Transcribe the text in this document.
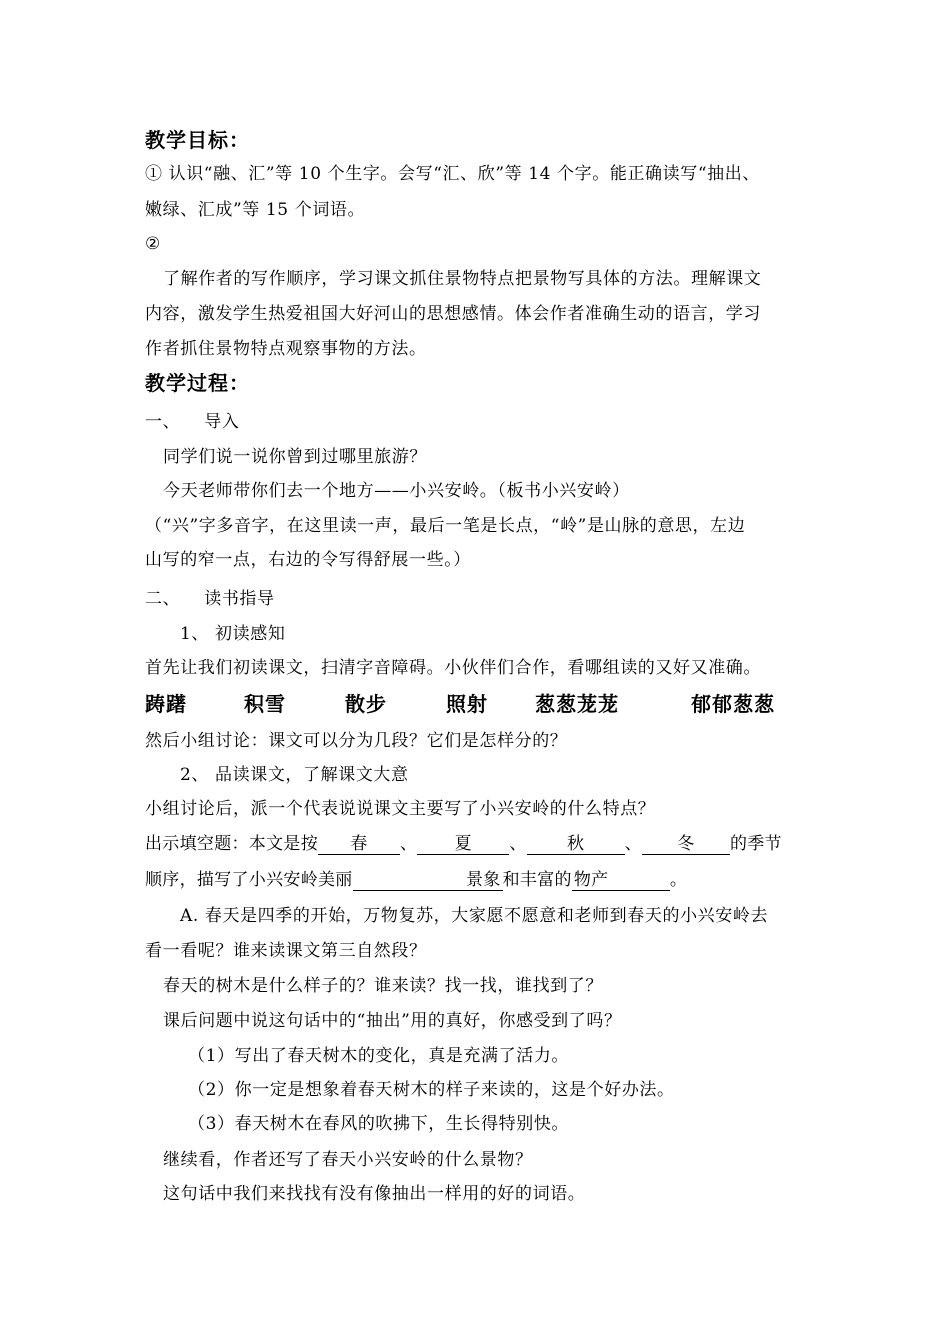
教学目标：
① 认识“融、汇”等 10 个生字。会写“汇、欣”等 14 个字。能正确读写“抽出、
嫩绿、汇成”等 15 个词语。
②
了解作者的写作顺序，学习课文抓住景物特点把景物写具体的方法。理解课文
内容，激发学生热爱祖国大好河山的思想感情。体会作者准确生动的语言，学习
作者抓住景物特点观察事物的方法。
教学过程：
一、    导入
同学们说一说你曾到过哪里旅游？
今天老师带你们去一个地方——小兴安岭。（板书小兴安岭）
（“兴”字多音字，在这里读一声，最后一笔是长点，“岭”是山脉的意思，左边
山写的窄一点，右边的令写得舒展一些。）
二、    读书指导
1、 初读感知
首先让我们初读课文，扫清字音障碍。小伙伴们合作，看哪组读的又好又准确。
踌躇	积雪	散步	照射 葱葱茏茏	郁郁葱葱
然后小组讨论：课文可以分为几段？它们是怎样分的？
2、 品读课文，了解课文大意
小组讨论后，派一个代表说说课文主要写了小兴安岭的什么特点？
出示填空题：本文是按 春 、 夏 、 秋 、 冬 的季节
顺序，描写了小兴安岭美丽	景象 和丰富的 物产	。
A. 春天是四季的开始，万物复苏，大家愿不愿意和老师到春天的小兴安岭去
看一看呢？谁来读课文第三自然段？
春天的树木是什么样子的？谁来读？找一找，谁找到了？
课后问题中说这句话中的“抽出”用的真好，你感受到了吗？
（1）写出了春天树木的变化，真是充满了活力。
（2）你一定是想象着春天树木的样子来读的，这是个好办法。
（3）春天树木在春风的吹拂下，生长得特别快。
继续看，作者还写了春天小兴安岭的什么景物？
这句话中我们来找找有没有像抽出一样用的好的词语。
